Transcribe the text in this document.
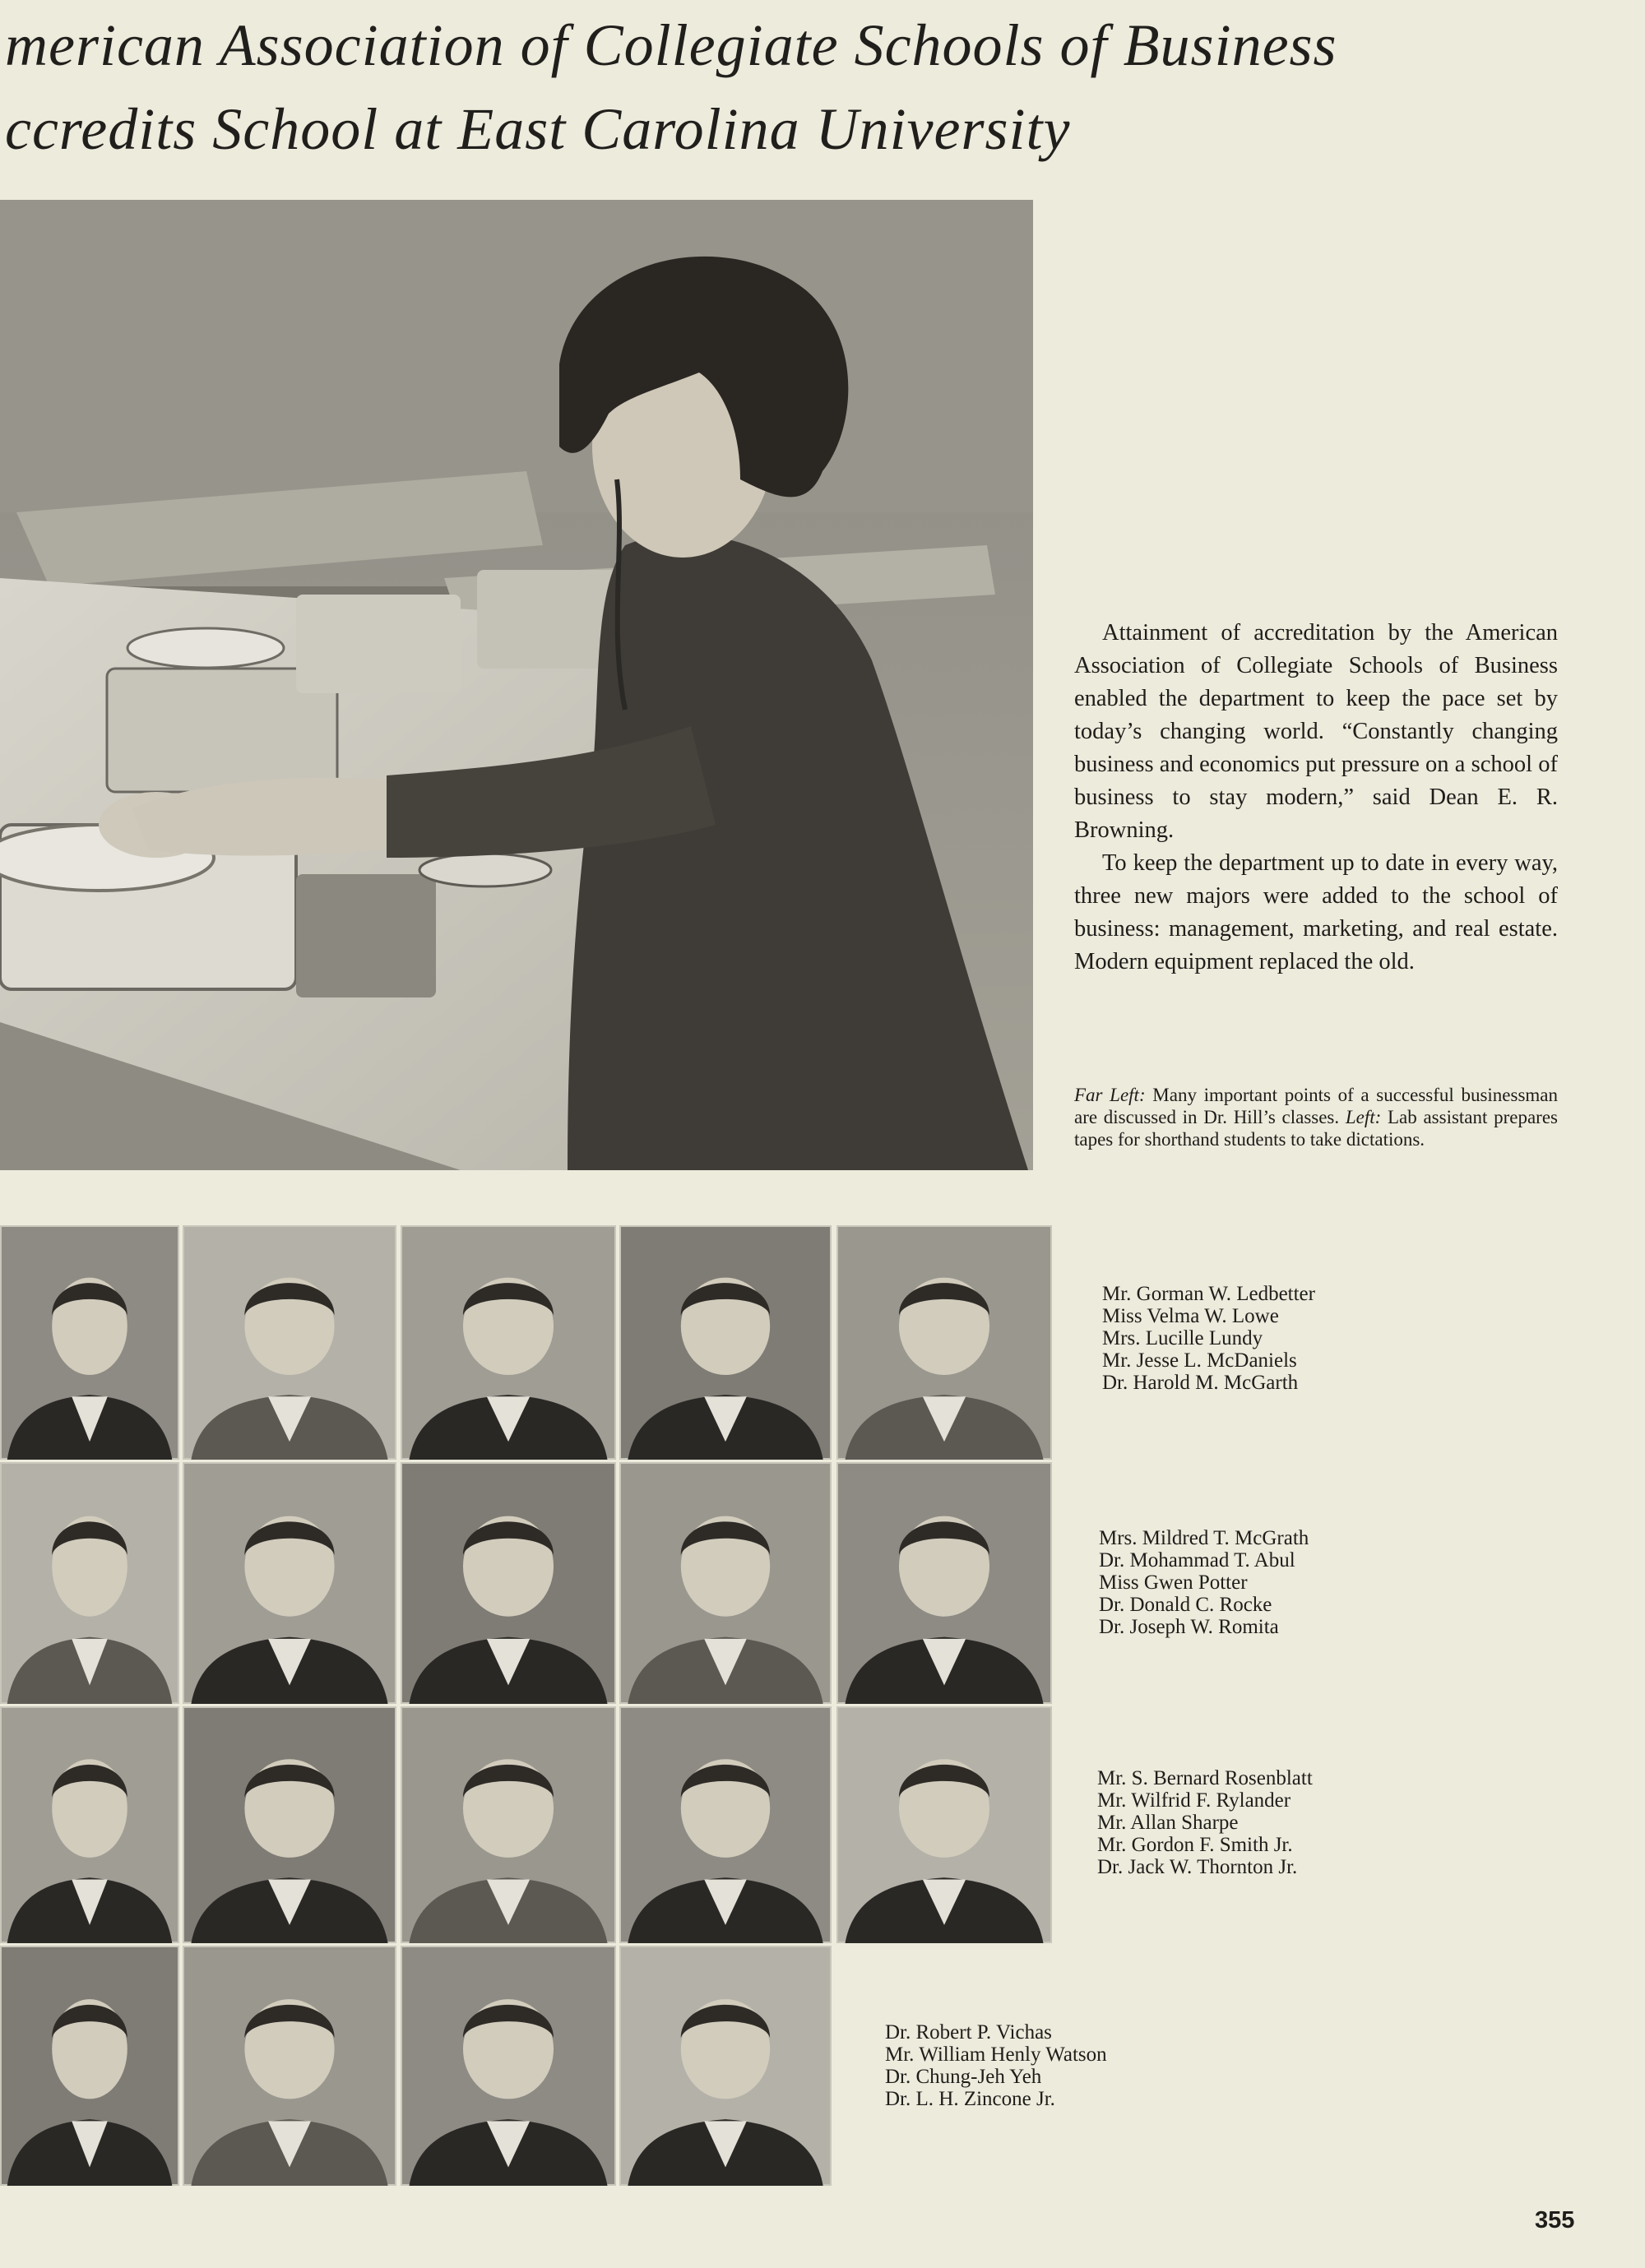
merican Association of Collegiate Schools of Business
ccredits School at East Carolina University

Attainment of accreditation by the American Association of Collegiate Schools of Business enabled the department to keep the pace set by today’s changing world. “Constantly changing business and economics put pressure on a school of business to stay modern,” said Dean E. R. Browning.

To keep the department up to date in every way, three new majors were added to the school of business: management, marketing, and real estate. Modern equipment replaced the old.

Far Left: Many important points of a successful businessman are discussed in Dr. Hill’s classes. Left: Lab assistant prepares tapes for shorthand students to take dictations.
Mr. Gorman W. Ledbetter
Miss Velma W. Lowe
Mrs. Lucille Lundy
Mr. Jesse L. McDaniels
Dr. Harold M. McGarth
Mrs. Mildred T. McGrath
Dr. Mohammad T. Abul
Miss Gwen Potter
Dr. Donald C. Rocke
Dr. Joseph W. Romita
Mr. S. Bernard Rosenblatt
Mr. Wilfrid F. Rylander
Mr. Allan Sharpe
Mr. Gordon F. Smith Jr.
Dr. Jack W. Thornton Jr.
Dr. Robert P. Vichas
Mr. William Henly Watson
Dr. Chung-Jeh Yeh
Dr. L. H. Zincone Jr.
355
